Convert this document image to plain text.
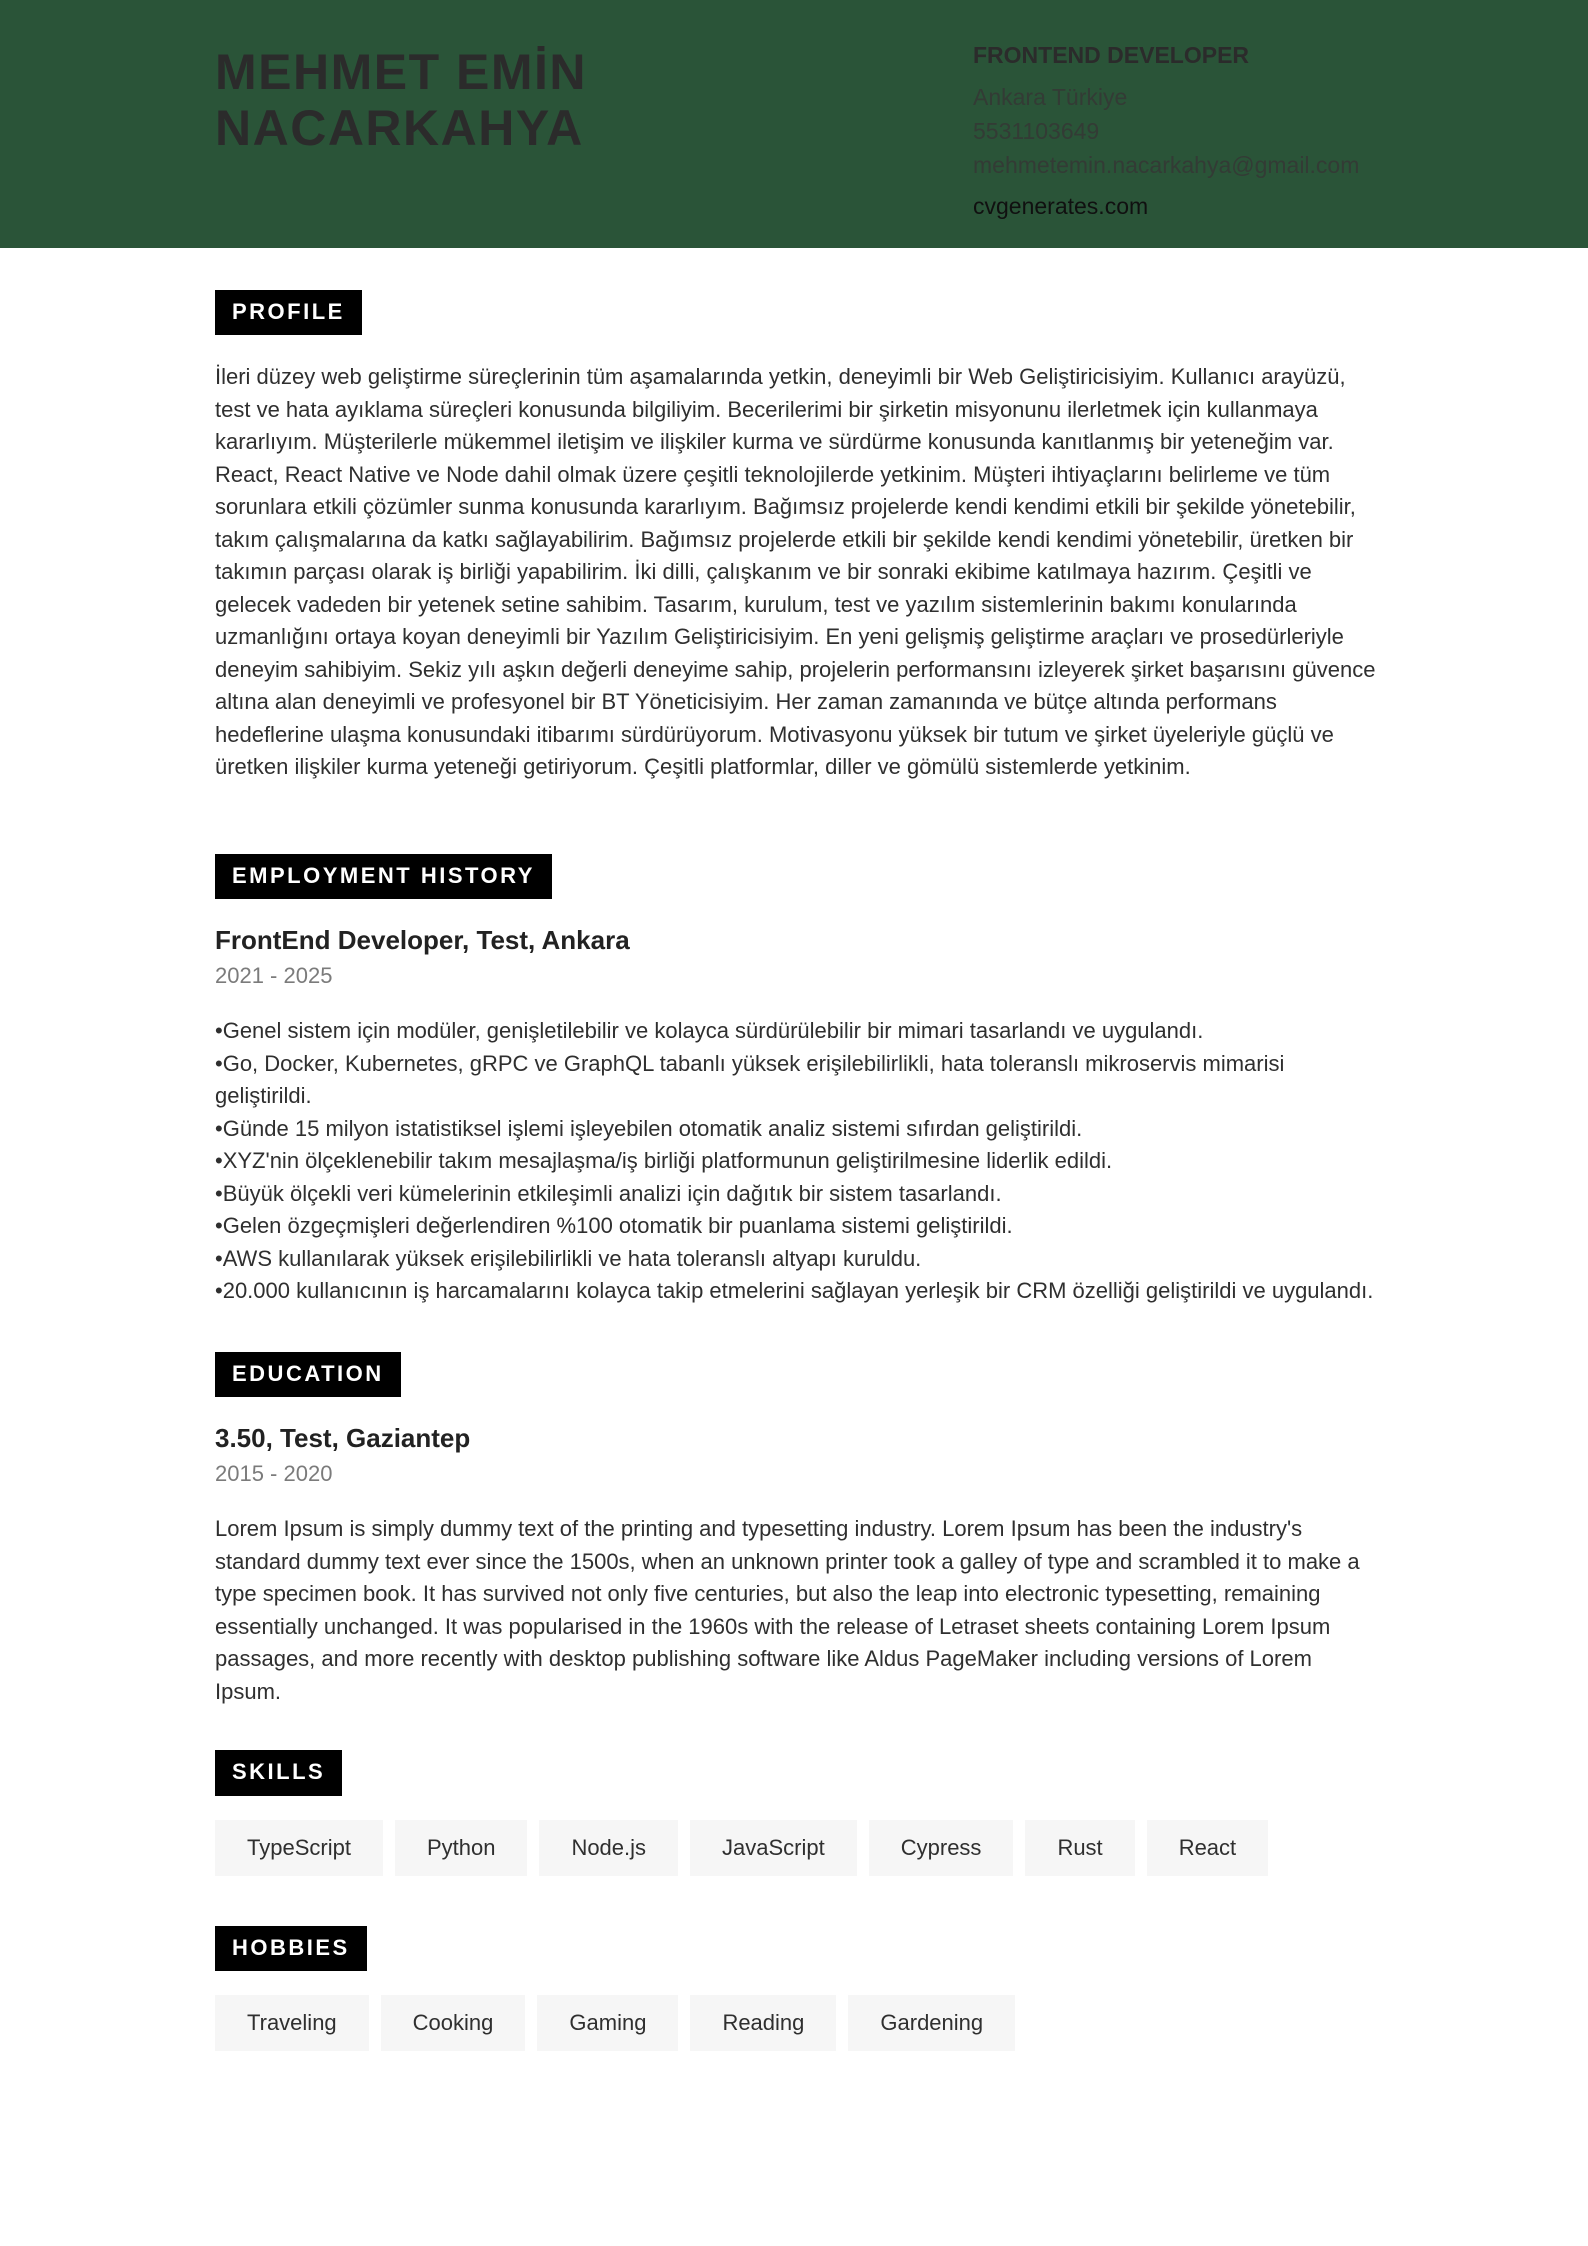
MEHMET EMİN
NACARKAHYA
FRONTEND DEVELOPER
Ankara Türkiye
5531103649
mehmetemin.nacarkahya@gmail.com
cvgenerates.com
PROFILE

İleri düzey web geliştirme süreçlerinin tüm aşamalarında yetkin, deneyimli bir Web Geliştiricisiyim. Kullanıcı arayüzü, test ve hata ayıklama süreçleri konusunda bilgiliyim. Becerilerimi bir şirketin misyonunu ilerletmek için kullanmaya kararlıyım. Müşterilerle mükemmel iletişim ve ilişkiler kurma ve sürdürme konusunda kanıtlanmış bir yeteneğim var. React, React Native ve Node dahil olmak üzere çeşitli teknolojilerde yetkinim. Müşteri ihtiyaçlarını belirleme ve tüm sorunlara etkili çözümler sunma konusunda kararlıyım. Bağımsız projelerde kendi kendimi etkili bir şekilde yönetebilir, takım çalışmalarına da katkı sağlayabilirim. Bağımsız projelerde etkili bir şekilde kendi kendimi yönetebilir, üretken bir takımın parçası olarak iş birliği yapabilirim. İki dilli, çalışkanım ve bir sonraki ekibime katılmaya hazırım. Çeşitli ve gelecek vadeden bir yetenek setine sahibim. Tasarım, kurulum, test ve yazılım sistemlerinin bakımı konularında uzmanlığını ortaya koyan deneyimli bir Yazılım Geliştiricisiyim. En yeni gelişmiş geliştirme araçları ve prosedürleriyle deneyim sahibiyim. Sekiz yılı aşkın değerli deneyime sahip, projelerin performansını izleyerek şirket başarısını güvence altına alan deneyimli ve profesyonel bir BT Yöneticisiyim. Her zaman zamanında ve bütçe altında performans hedeflerine ulaşma konusundaki itibarımı sürdürüyorum. Motivasyonu yüksek bir tutum ve şirket üyeleriyle güçlü ve üretken ilişkiler kurma yeteneği getiriyorum. Çeşitli platformlar, diller ve gömülü sistemlerde yetkinim.

EMPLOYMENT HISTORY
FrontEnd Developer, Test, Ankara
2021 - 2025
• Genel sistem için modüler, genişletilebilir ve kolayca sürdürülebilir bir mimari tasarlandı ve uygulandı.
• Go, Docker, Kubernetes, gRPC ve GraphQL tabanlı yüksek erişilebilirlikli, hata toleranslı mikroservis mimarisi geliştirildi.
• Günde 15 milyon istatistiksel işlemi işleyebilen otomatik analiz sistemi sıfırdan geliştirildi.
• XYZ'nin ölçeklenebilir takım mesajlaşma/iş birliği platformunun geliştirilmesine liderlik edildi.
• Büyük ölçekli veri kümelerinin etkileşimli analizi için dağıtık bir sistem tasarlandı.
• Gelen özgeçmişleri değerlendiren %100 otomatik bir puanlama sistemi geliştirildi.
• AWS kullanılarak yüksek erişilebilirlikli ve hata toleranslı altyapı kuruldu.
• 20.000 kullanıcının iş harcamalarını kolayca takip etmelerini sağlayan yerleşik bir CRM özelliği geliştirildi ve uygulandı.
EDUCATION
3.50, Test, Gaziantep
2015 - 2020

Lorem Ipsum is simply dummy text of the printing and typesetting industry. Lorem Ipsum has been the industry's standard dummy text ever since the 1500s, when an unknown printer took a galley of type and scrambled it to make a type specimen book. It has survived not only five centuries, but also the leap into electronic typesetting, remaining essentially unchanged. It was popularised in the 1960s with the release of Letraset sheets containing Lorem Ipsum passages, and more recently with desktop publishing software like Aldus PageMaker including versions of Lorem Ipsum.

SKILLS
TypeScript	Python	Node.js	JavaScript	Cypress	Rust	React
HOBBIES
Traveling	Cooking	Gaming	Reading	Gardening
